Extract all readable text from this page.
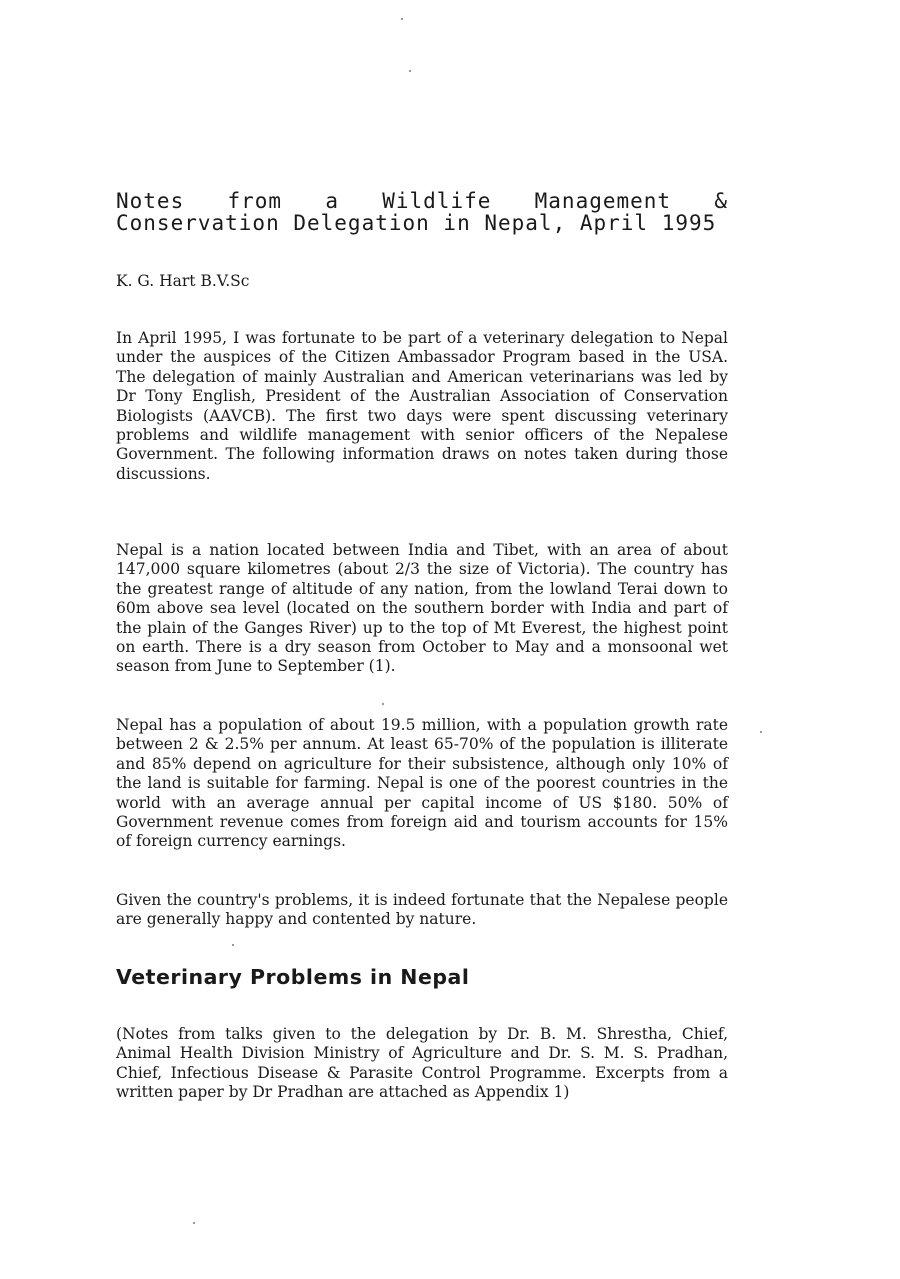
Notes from a Wildlife Management & Conservation Delegation in Nepal, April 1995

K. G. Hart B.V.Sc

In April 1995, I was fortunate to be part of a veterinary delegation to Nepal under the auspices of the Citizen Ambassador Program based in the USA. The delegation of mainly Australian and American veterinarians was led by Dr Tony English, President of the Australian Association of Conservation Biologists (AAVCB). The first two days were spent discussing veterinary problems and wildlife management with senior officers of the Nepalese Government. The following information draws on notes taken during those discussions.

Nepal is a nation located between India and Tibet, with an area of about 147,000 square kilometres (about 2/3 the size of Victoria). The country has the greatest range of altitude of any nation, from the lowland Terai down to 60m above sea level (located on the southern border with India and part of the plain of the Ganges River) up to the top of Mt Everest, the highest point on earth. There is a dry season from October to May and a monsoonal wet season from June to September (1).

Nepal has a population of about 19.5 million, with a population growth rate between 2 & 2.5% per annum. At least 65-70% of the population is illiterate and 85% depend on agriculture for their subsistence, although only 10% of the land is suitable for farming. Nepal is one of the poorest countries in the world with an average annual per capital income of US $180. 50% of Government revenue comes from foreign aid and tourism accounts for 15% of foreign currency earnings.

Given the country's problems, it is indeed fortunate that the Nepalese people are generally happy and contented by nature.

Veterinary Problems in Nepal

(Notes from talks given to the delegation by Dr. B. M. Shrestha, Chief, Animal Health Division Ministry of Agriculture and Dr. S. M. S. Pradhan, Chief, Infectious Disease & Parasite Control Programme. Excerpts from a written paper by Dr Pradhan are attached as Appendix 1)
